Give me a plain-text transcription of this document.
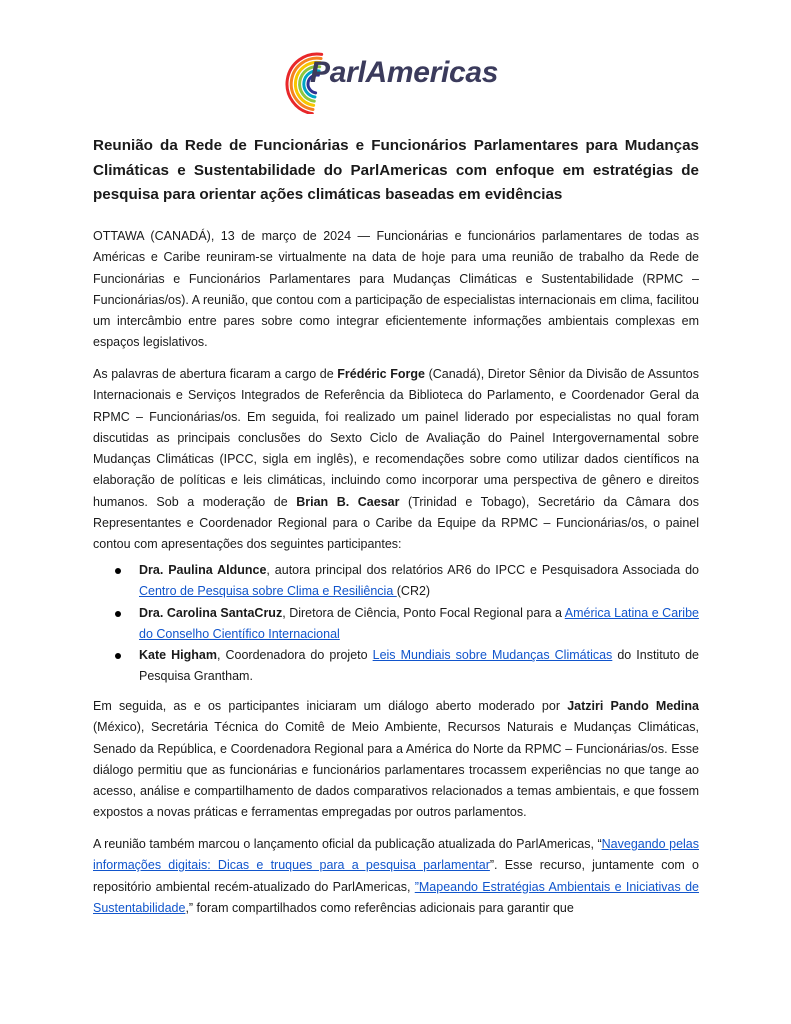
ParlAmericas
Reunião da Rede de Funcionárias e Funcionários Parlamentares para Mudanças Climáticas e Sustentabilidade do ParlAmericas com enfoque em estratégias de pesquisa para orientar ações climáticas baseadas em evidências

OTTAWA (CANADÁ), 13 de março de 2024 — Funcionárias e funcionários parlamentares de todas as Américas e Caribe reuniram-se virtualmente na data de hoje para uma reunião de trabalho da Rede de Funcionárias e Funcionários Parlamentares para Mudanças Climáticas e Sustentabilidade (RPMC – Funcionárias/os). A reunião, que contou com a participação de especialistas internacionais em clima, facilitou um intercâmbio entre pares sobre como integrar eficientemente informações ambientais complexas em espaços legislativos.

As palavras de abertura ficaram a cargo de Frédéric Forge (Canadá), Diretor Sênior da Divisão de Assuntos Internacionais e Serviços Integrados de Referência da Biblioteca do Parlamento, e Coordenador Geral da RPMC – Funcionárias/os. Em seguida, foi realizado um painel liderado por especialistas no qual foram discutidas as principais conclusões do Sexto Ciclo de Avaliação do Painel Intergovernamental sobre Mudanças Climáticas (IPCC, sigla em inglês), e recomendações sobre como utilizar dados científicos na elaboração de políticas e leis climáticas, incluindo como incorporar uma perspectiva de gênero e direitos humanos. Sob a moderação de Brian B. Caesar (Trinidad e Tobago), Secretário da Câmara dos Representantes e Coordenador Regional para o Caribe da Equipe da RPMC – Funcionárias/os, o painel contou com apresentações dos seguintes participantes:

Dra. Paulina Aldunce, autora principal dos relatórios AR6 do IPCC e Pesquisadora Associada do Centro de Pesquisa sobre Clima e Resiliência (CR2)
Dra. Carolina SantaCruz, Diretora de Ciência, Ponto Focal Regional para a América Latina e Caribe do Conselho Científico Internacional
Kate Higham, Coordenadora do projeto Leis Mundiais sobre Mudanças Climáticas do Instituto de Pesquisa Grantham.

Em seguida, as e os participantes iniciaram um diálogo aberto moderado por Jatziri Pando Medina (México), Secretária Técnica do Comitê de Meio Ambiente, Recursos Naturais e Mudanças Climáticas, Senado da República, e Coordenadora Regional para a América do Norte da RPMC – Funcionárias/os. Esse diálogo permitiu que as funcionárias e funcionários parlamentares trocassem experiências no que tange ao acesso, análise e compartilhamento de dados comparativos relacionados a temas ambientais, e que fossem expostos a novas práticas e ferramentas empregadas por outros parlamentos.

A reunião também marcou o lançamento oficial da publicação atualizada do ParlAmericas, “Navegando pelas informações digitais: Dicas e truques para a pesquisa parlamentar”. Esse recurso, juntamente com o repositório ambiental recém-atualizado do ParlAmericas, ”Mapeando Estratégias Ambientais e Iniciativas de Sustentabilidade,” foram compartilhados como referências adicionais para garantir que
